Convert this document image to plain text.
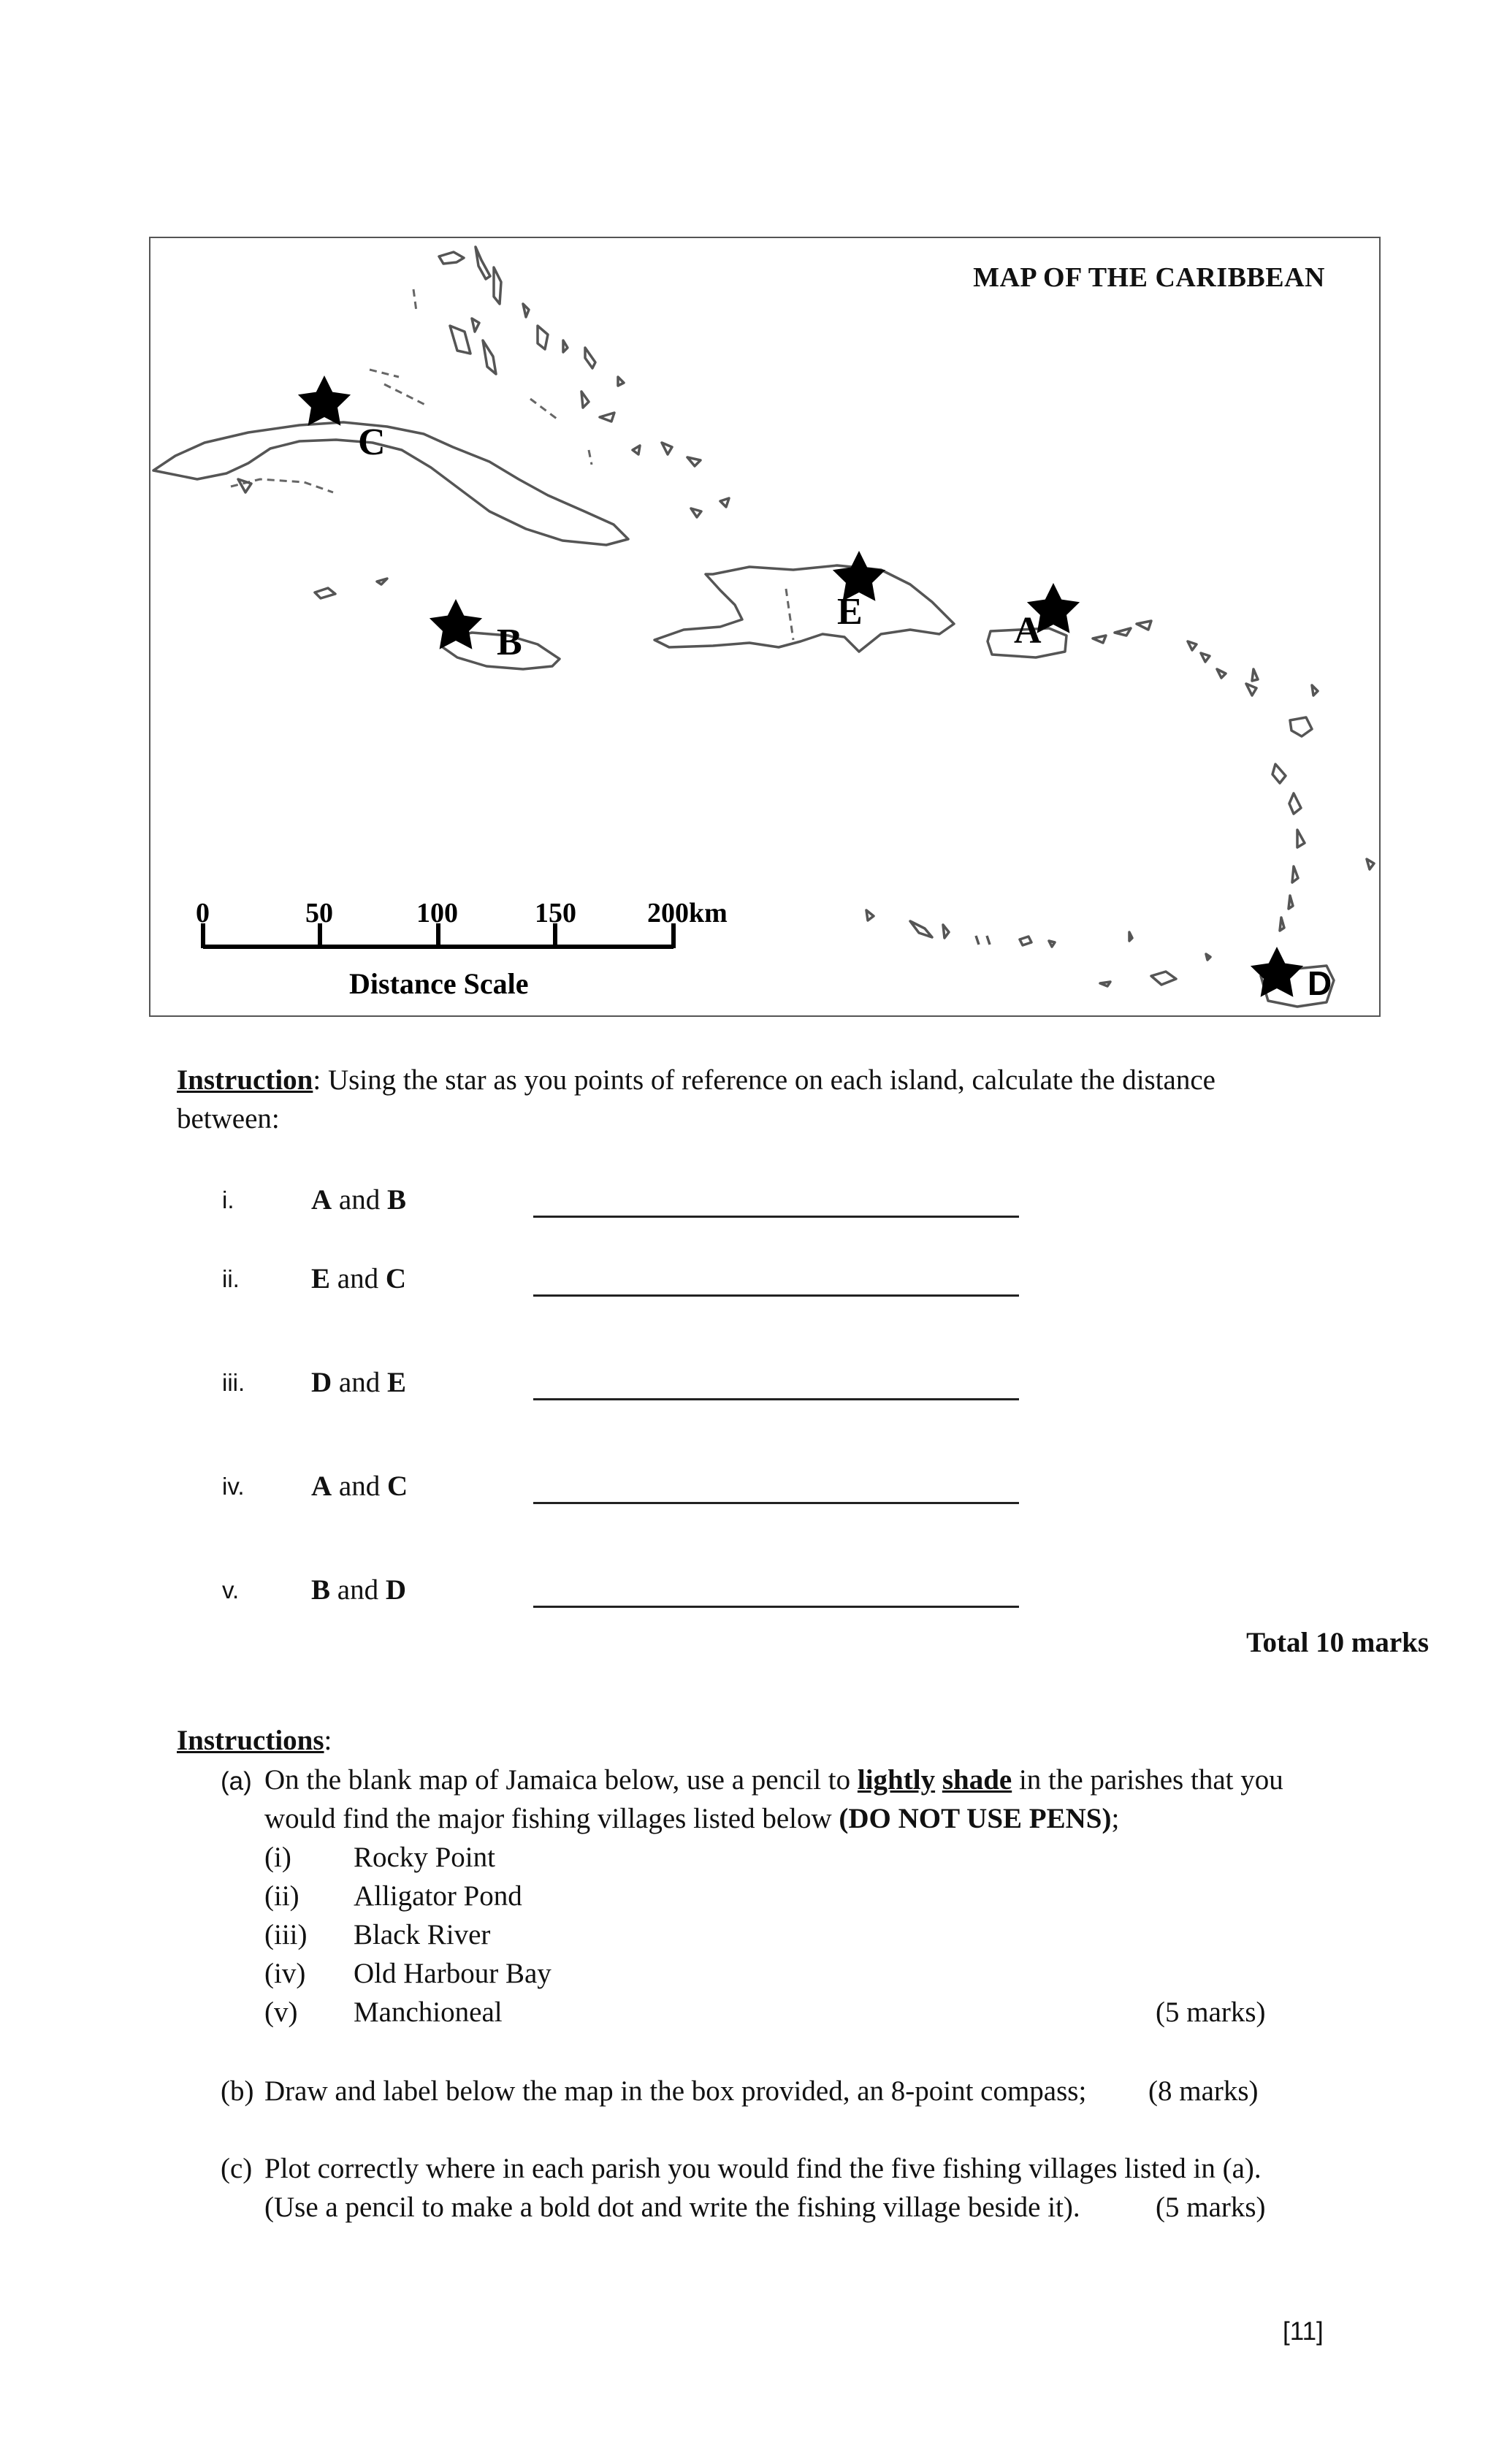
C
B
E	A
D
0	50	100	150	200km
Distance Scale
MAP OF THE CARIBBEAN
Instruction: Using the star as you points of reference on each island, calculate the distance
between:
i.	A and B
ii.	E and C
iii. D and E
iv. A and C
v.	B and D
Total 10 marks
Instructions:
(a) On the blank map of Jamaica below, use a pencil to lightly shade in the parishes that you
would find the major fishing villages listed below (DO NOT USE PENS);
(i) Rocky Point
(ii) Alligator Pond
(iii) Black River
(iv) Old Harbour Bay
(v) Manchioneal	(5 marks)
(b) Draw and label below the map in the box provided, an 8-point compass; (8 marks)
(c) Plot correctly where in each parish you would find the five fishing villages listed in (a).
(Use a pencil to make a bold dot and write the fishing village beside it).	(5 marks)
[11]
